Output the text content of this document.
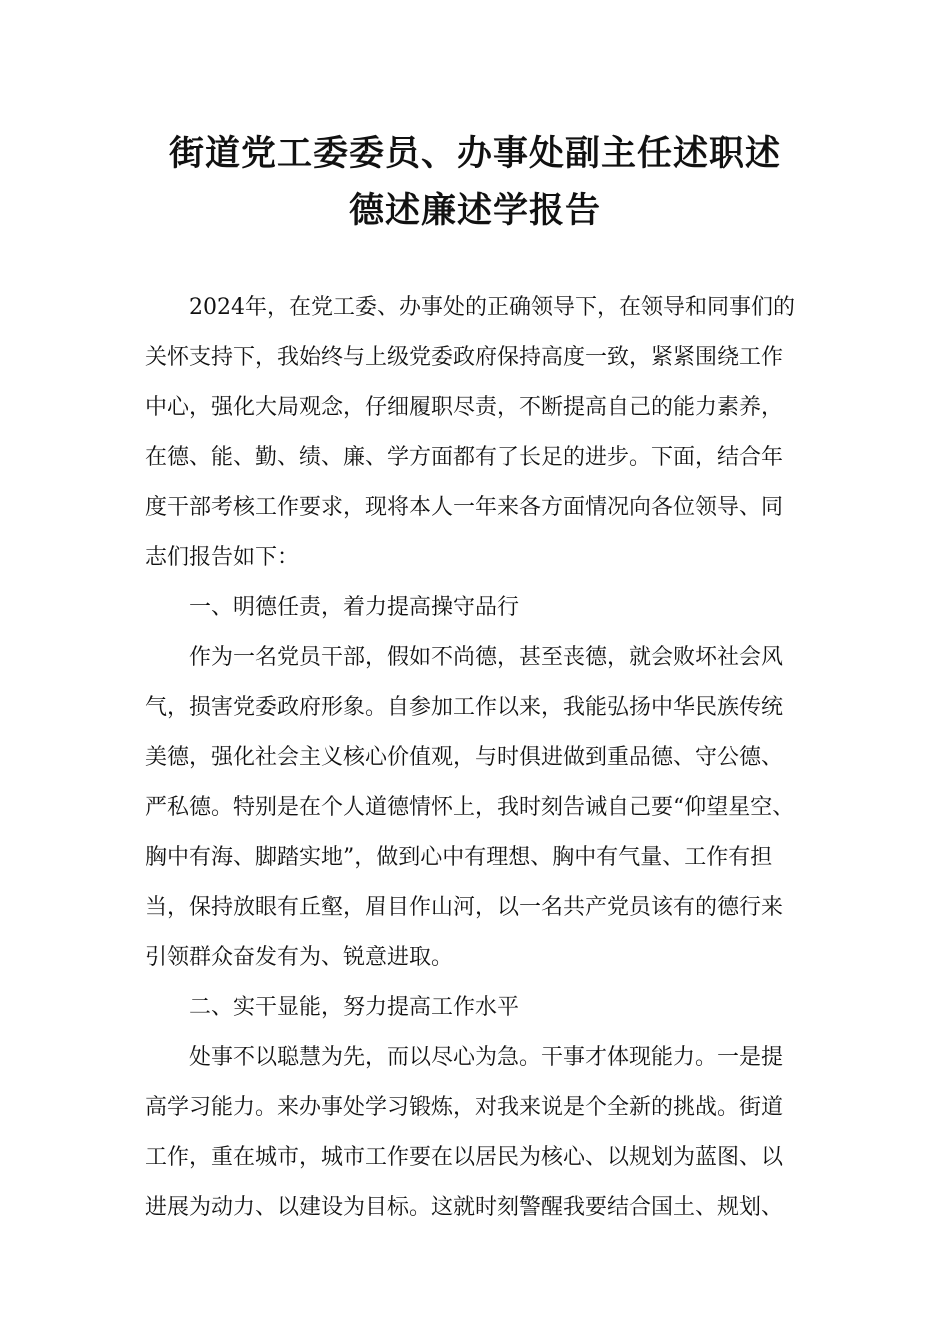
街道党工委委员、办事处副主任述职述
德述廉述学报告
2024年，在党工委、办事处的正确领导下，在领导和同事们的
关怀支持下，我始终与上级党委政府保持高度一致，紧紧围绕工作
中心，强化大局观念，仔细履职尽责，不断提高自己的能力素养，
在德、能、勤、绩、廉、学方面都有了长足的进步。下面，结合年
度干部考核工作要求，现将本人一年来各方面情况向各位领导、同
志们报告如下：
一、明德任责，着力提高操守品行
作为一名党员干部，假如不尚德，甚至丧德，就会败坏社会风
气，损害党委政府形象。自参加工作以来，我能弘扬中华民族传统
美德，强化社会主义核心价值观，与时俱进做到重品德、守公德、
严私德。特别是在个人道德情怀上，我时刻告诫自己要“仰望星空、
胸中有海、脚踏实地”，做到心中有理想、胸中有气量、工作有担
当，保持放眼有丘壑，眉目作山河，以一名共产党员该有的德行来
引领群众奋发有为、锐意进取。
二、实干显能，努力提高工作水平
处事不以聪慧为先，而以尽心为急。干事才体现能力。一是提
高学习能力。来办事处学习锻炼，对我来说是个全新的挑战。街道
工作，重在城市，城市工作要在以居民为核心、以规划为蓝图、以
进展为动力、以建设为目标。这就时刻警醒我要结合国土、规划、
